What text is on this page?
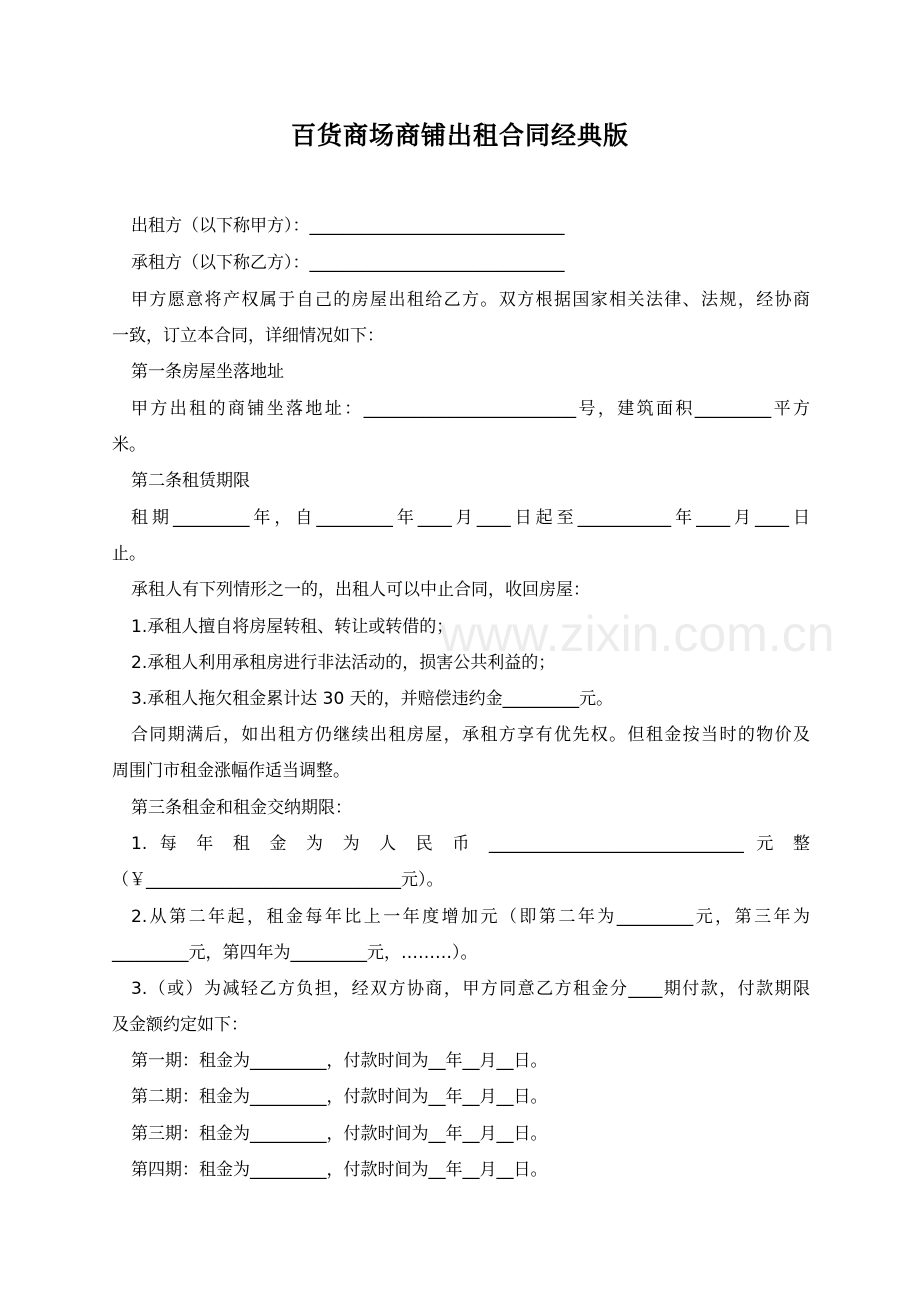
www.zixin.com.cn
百货商场商铺出租合同经典版
出租方（以下称甲方）：______________________________
承租方（以下称乙方）：______________________________
甲方愿意将产权属于自己的房屋出租给乙方。双方根据国家相关法律、法规，经协商
一致，订立本合同，详细情况如下：
第一条房屋坐落地址
甲方出租的商铺坐落地址：_________________________号，建筑面积_________平方
米。
第二条租赁期限
租期_________年，自_________年____月____日起至___________年____月____日
止。
承租人有下列情形之一的，出租人可以中止合同，收回房屋：
1.承租人擅自将房屋转租、转让或转借的；
2.承租人利用承租房进行非法活动的，损害公共利益的；
3.承租人拖欠租金累计达 30 天的，并赔偿违约金_________元。
合同期满后，如出租方仍继续出租房屋，承租方享有优先权。但租金按当时的物价及
周围门市租金涨幅作适当调整。
第三条租金和租金交纳期限：
1. 每 年 租 金 为 为 人 民 币 ______________________________ 元 整
（￥______________________________元）。
2.从第二年起，租金每年比上一年度增加元（即第二年为_________元，第三年为
_________元，第四年为_________元，………）。
3.（或）为减轻乙方负担，经双方协商，甲方同意乙方租金分____期付款，付款期限
及金额约定如下：
第一期：租金为_________，付款时间为__年__月__日。
第二期：租金为_________，付款时间为__年__月__日。
第三期：租金为_________，付款时间为__年__月__日。
第四期：租金为_________，付款时间为__年__月__日。
